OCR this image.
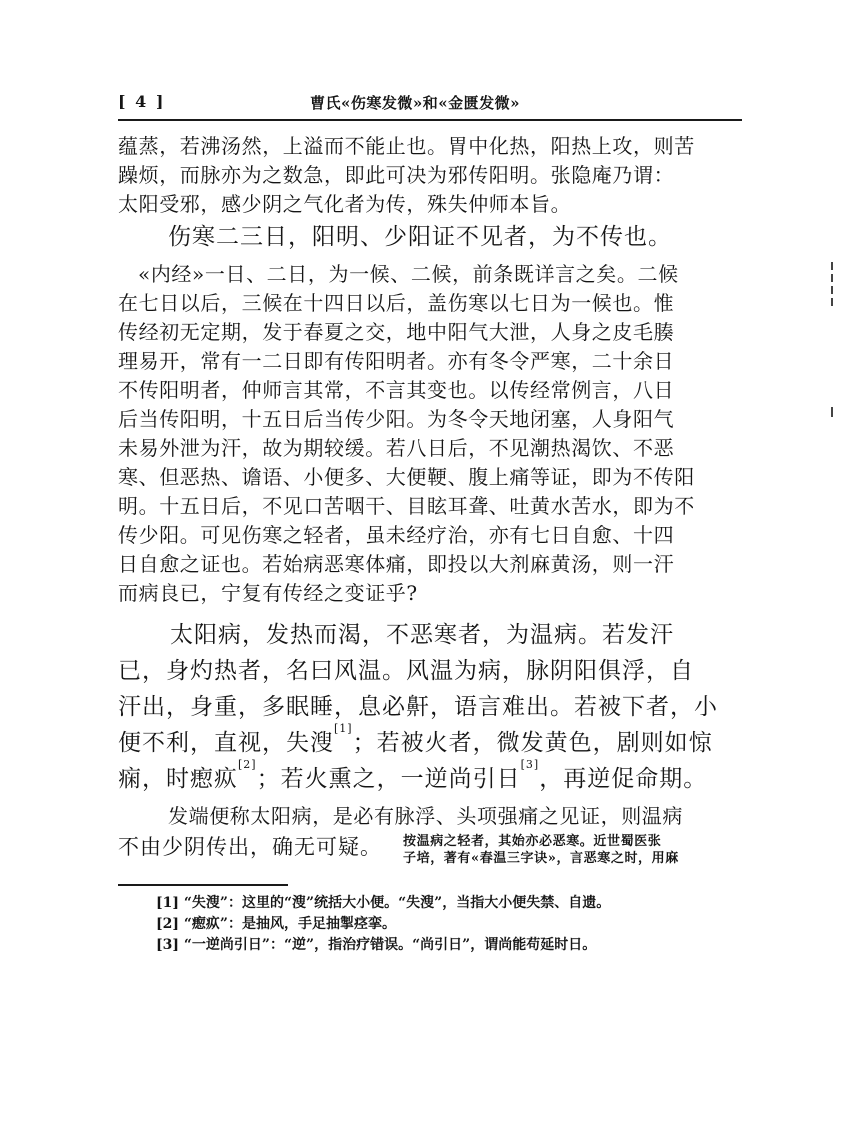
[ 4 ]	曹氏«伤寒发微»和«金匮发微»
蕴蒸，若沸汤然，上溢而不能止也。胃中化热，阳热上攻，则苦
躁烦，而脉亦为之数急，即此可决为邪传阳明。张隐庵乃谓：
太阳受邪，感少阴之气化者为传，殊失仲师本旨。
伤寒二三日，阳明、少阳证不见者，为不传也。
«内经»一日、二日，为一候、二候，前条既详言之矣。二候
在七日以后，三候在十四日以后，盖伤寒以七日为一候也。惟
传经初无定期，发于春夏之交，地中阳气大泄，人身之皮毛腠
理易开，常有一二日即有传阳明者。亦有冬令严寒，二十余日
不传阳明者，仲师言其常，不言其变也。以传经常例言，八日
后当传阳明，十五日后当传少阳。为冬令天地闭塞，人身阳气
未易外泄为汗，故为期较缓。若八日后，不见潮热渴饮、不恶
寒、但恶热、谵语、小便多、大便鞕、腹上痛等证，即为不传阳
明。十五日后，不见口苦咽干、目眩耳聋、吐黄水苦水，即为不
传少阳。可见伤寒之轻者，虽未经疗治，亦有七日自愈、十四
日自愈之证也。若始病恶寒体痛，即投以大剂麻黄汤，则一汗
而病良已，宁复有传经之变证乎?
太阳病，发热而渴，不恶寒者，为温病。若发汗
已，身灼热者，名曰风温。风温为病，脉阴阳俱浮，自
汗出，身重，多眠睡，息必鼾，语言难出。若被下者，小
便不利，直视，失溲[1]；若被火者，微发黄色，剧则如惊
痫，时瘛疭[2]；若火熏之，一逆尚引日[3]，再逆促命期。
发端便称太阳病，是必有脉浮、头项强痛之见证，则温病
不由少阴传出，确无可疑。 按温病之轻者，其始亦必恶寒。近世蜀医张
子培，著有«春温三字诀»，言恶寒之时，用麻
[1] “失溲”：这里的“溲”统括大小便。“失溲”，当指大小便失禁、自遗。
[2] “瘛疭”：是抽风，手足抽掣痉挛。
[3] “一逆尚引日”：“逆”，指治疗错误。“尚引日”，谓尚能苟延时日。
